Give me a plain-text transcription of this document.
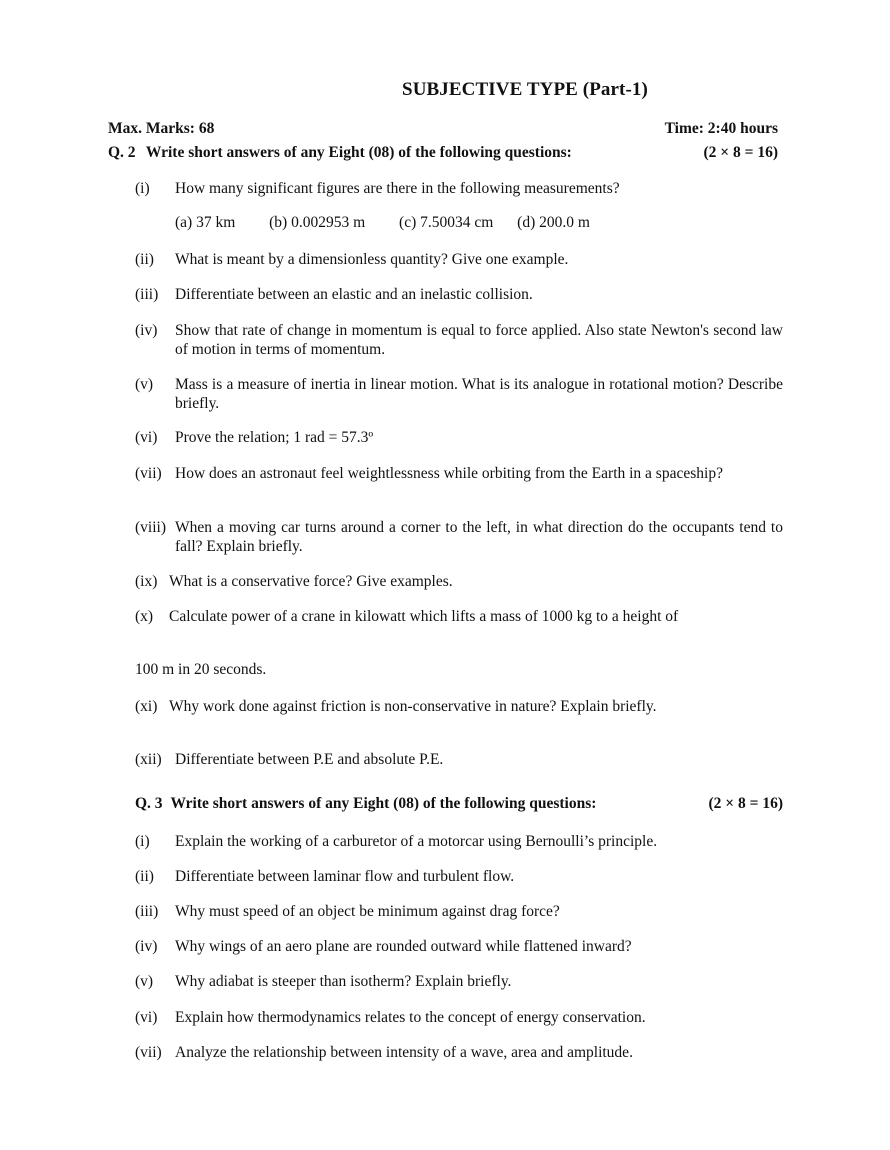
SUBJECTIVE TYPE (Part-1)
Max. Marks: 68	Time: 2:40 hours
Q. 2 Write short answers of any Eight (08) of the following questions:	(2 × 8 = 16)
(i) How many significant figures are there in the following measurements?
(a) 37 km (b) 0.002953 m (c) 7.50034 cm (d) 200.0 m
(ii) What is meant by a dimensionless quantity? Give one example.
(iii) Differentiate between an elastic and an inelastic collision.
(iv) Show that rate of change in momentum is equal to force applied. Also state Newton's second law of motion in terms of momentum.
(v) Mass is a measure of inertia in linear motion. What is its analogue in rotational motion? Describe briefly.
(vi) Prove the relation; 1 rad = 57.3º
(vii) How does an astronaut feel weightlessness while orbiting from the Earth in a spaceship?
(viii) When a moving car turns around a corner to the left, in what direction do the occupants tend to fall? Explain briefly.
(ix) What is a conservative force? Give examples.
(x) Calculate power of a crane in kilowatt which lifts a mass of 1000 kg to a height of
100 m in 20 seconds.
(xi) Why work done against friction is non-conservative in nature? Explain briefly.
(xii) Differentiate between P.E and absolute P.E.
Q. 3 Write short answers of any Eight (08) of the following questions:	(2 × 8 = 16)
(i) Explain the working of a carburetor of a motorcar using Bernoulli’s principle.
(ii) Differentiate between laminar flow and turbulent flow.
(iii) Why must speed of an object be minimum against drag force?
(iv) Why wings of an aero plane are rounded outward while flattened inward?
(v) Why adiabat is steeper than isotherm? Explain briefly.
(vi) Explain how thermodynamics relates to the concept of energy conservation.
(vii) Analyze the relationship between intensity of a wave, area and amplitude.
